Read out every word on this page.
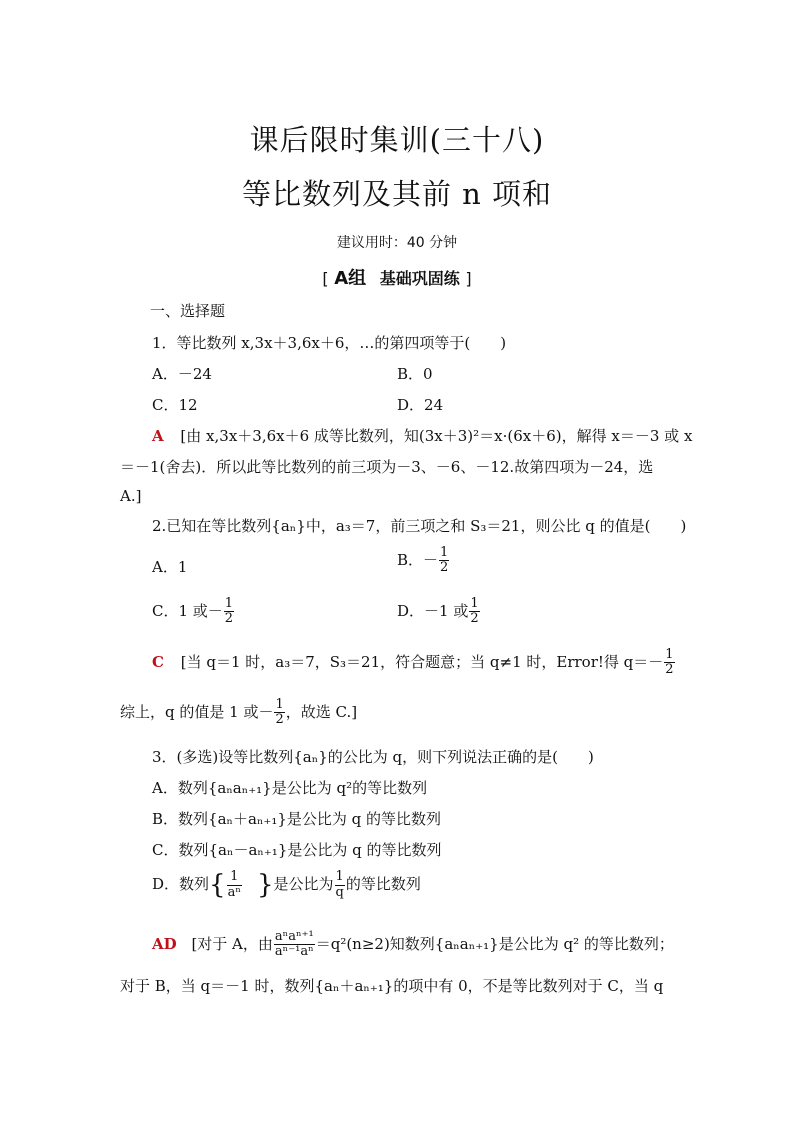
课后限时集训(三十八)
等比数列及其前 n 项和
建议用时：40 分钟
[ A组 基础巩固练 ]
一、选择题
1．等比数列 x,3x＋3,6x＋6，…的第四项等于(　　)
A．－24	B．0
C．12	D．24
A [由 x,3x＋3,6x＋6 成等比数列，知(3x＋3)²＝x·(6x＋6)，解得 x＝－3 或 x
＝－1(舍去)．所以此等比数列的前三项为－3、－6、－12.故第四项为－24，选
A.]
2.已知在等比数列{aₙ}中，a₃＝7，前三项之和 S₃＝21，则公比 q 的值是(　　)
A．1	B．－ $\frac{1}{2}$
C．1 或－ $\frac{1}{2}$	D．－1 或 $\frac{1}{2}$
C [当 q＝1 时，a₃＝7，S₃＝21，符合题意；当 q≠1 时，Error!得 $q=- \frac{1}{2}$
综上，q 的值是 1 或－ $\frac{1}{2}$ ，故选 C.]
3．(多选)设等比数列{aₙ}的公比为 q，则下列说法正确的是(　　)
A．数列{aₙaₙ₊₁}是公比为 q²的等比数列
B．数列{aₙ＋aₙ₊₁}是公比为 q 的等比数列
C．数列{aₙ－aₙ₊₁}是公比为 q 的等比数列
D．数列{ $\frac{1}{\text{aⁿ}}$ }是公比为 $\frac{1}{q}$ 的等比数列
AD [对于 A，由 $\frac{\text{aⁿaⁿ⁺¹}}{\text{aⁿ⁻¹aⁿ}} =q^2(n\ge 2)$知数列{aₙaₙ₊₁}是公比为 q² 的等比数列；
对于 B，当 q＝－1 时，数列{aₙ＋aₙ₊₁}的项中有 0，不是等比数列对于 C，当 q
